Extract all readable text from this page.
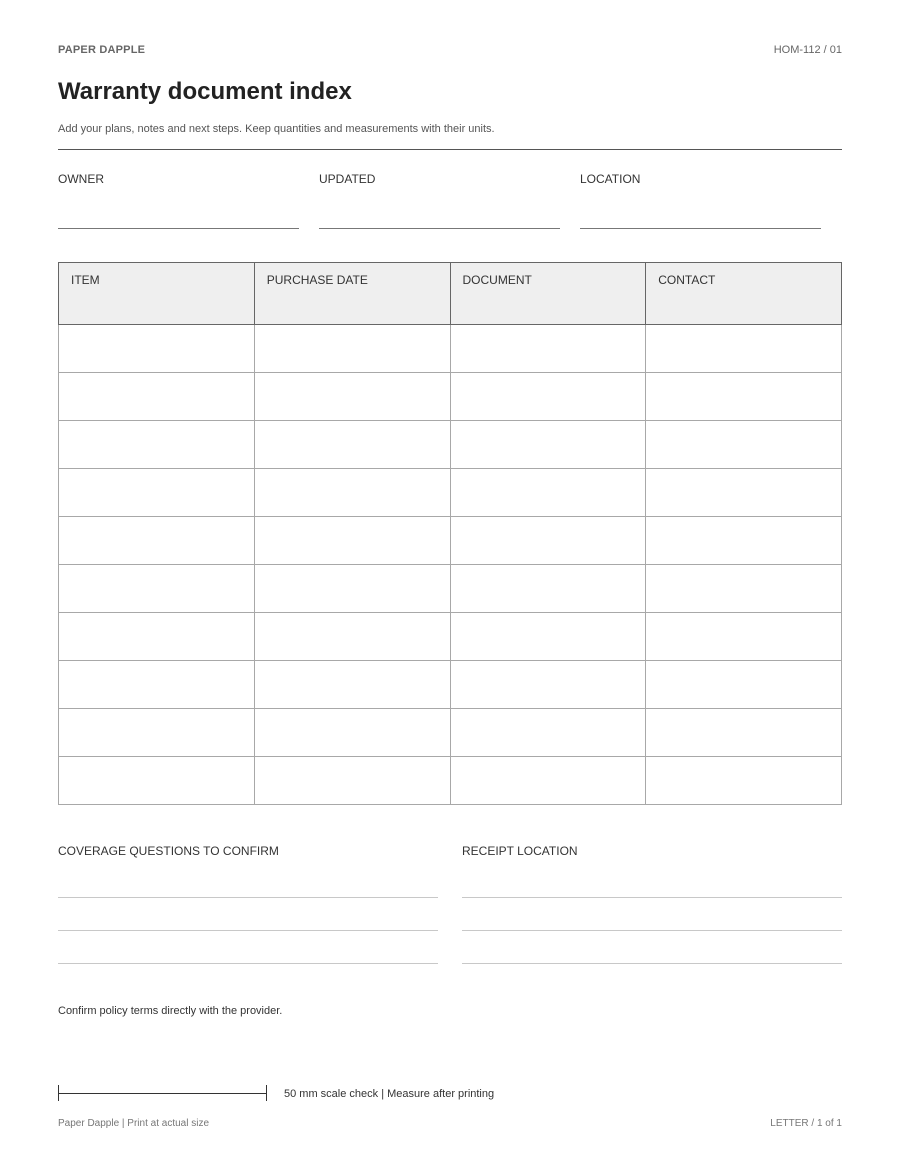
PAPER DAPPLE	HOM-112 / 01
Warranty document index
Add your plans, notes and next steps. Keep quantities and measurements with their units.
OWNER	UPDATED	LOCATION
ITEM	PURCHASE DATE	DOCUMENT	CONTACT

COVERAGE QUESTIONS TO CONFIRM	RECEIPT LOCATION
Confirm policy terms directly with the provider.
50 mm scale check | Measure after printing
Paper Dapple | Print at actual size	LETTER / 1 of 1
